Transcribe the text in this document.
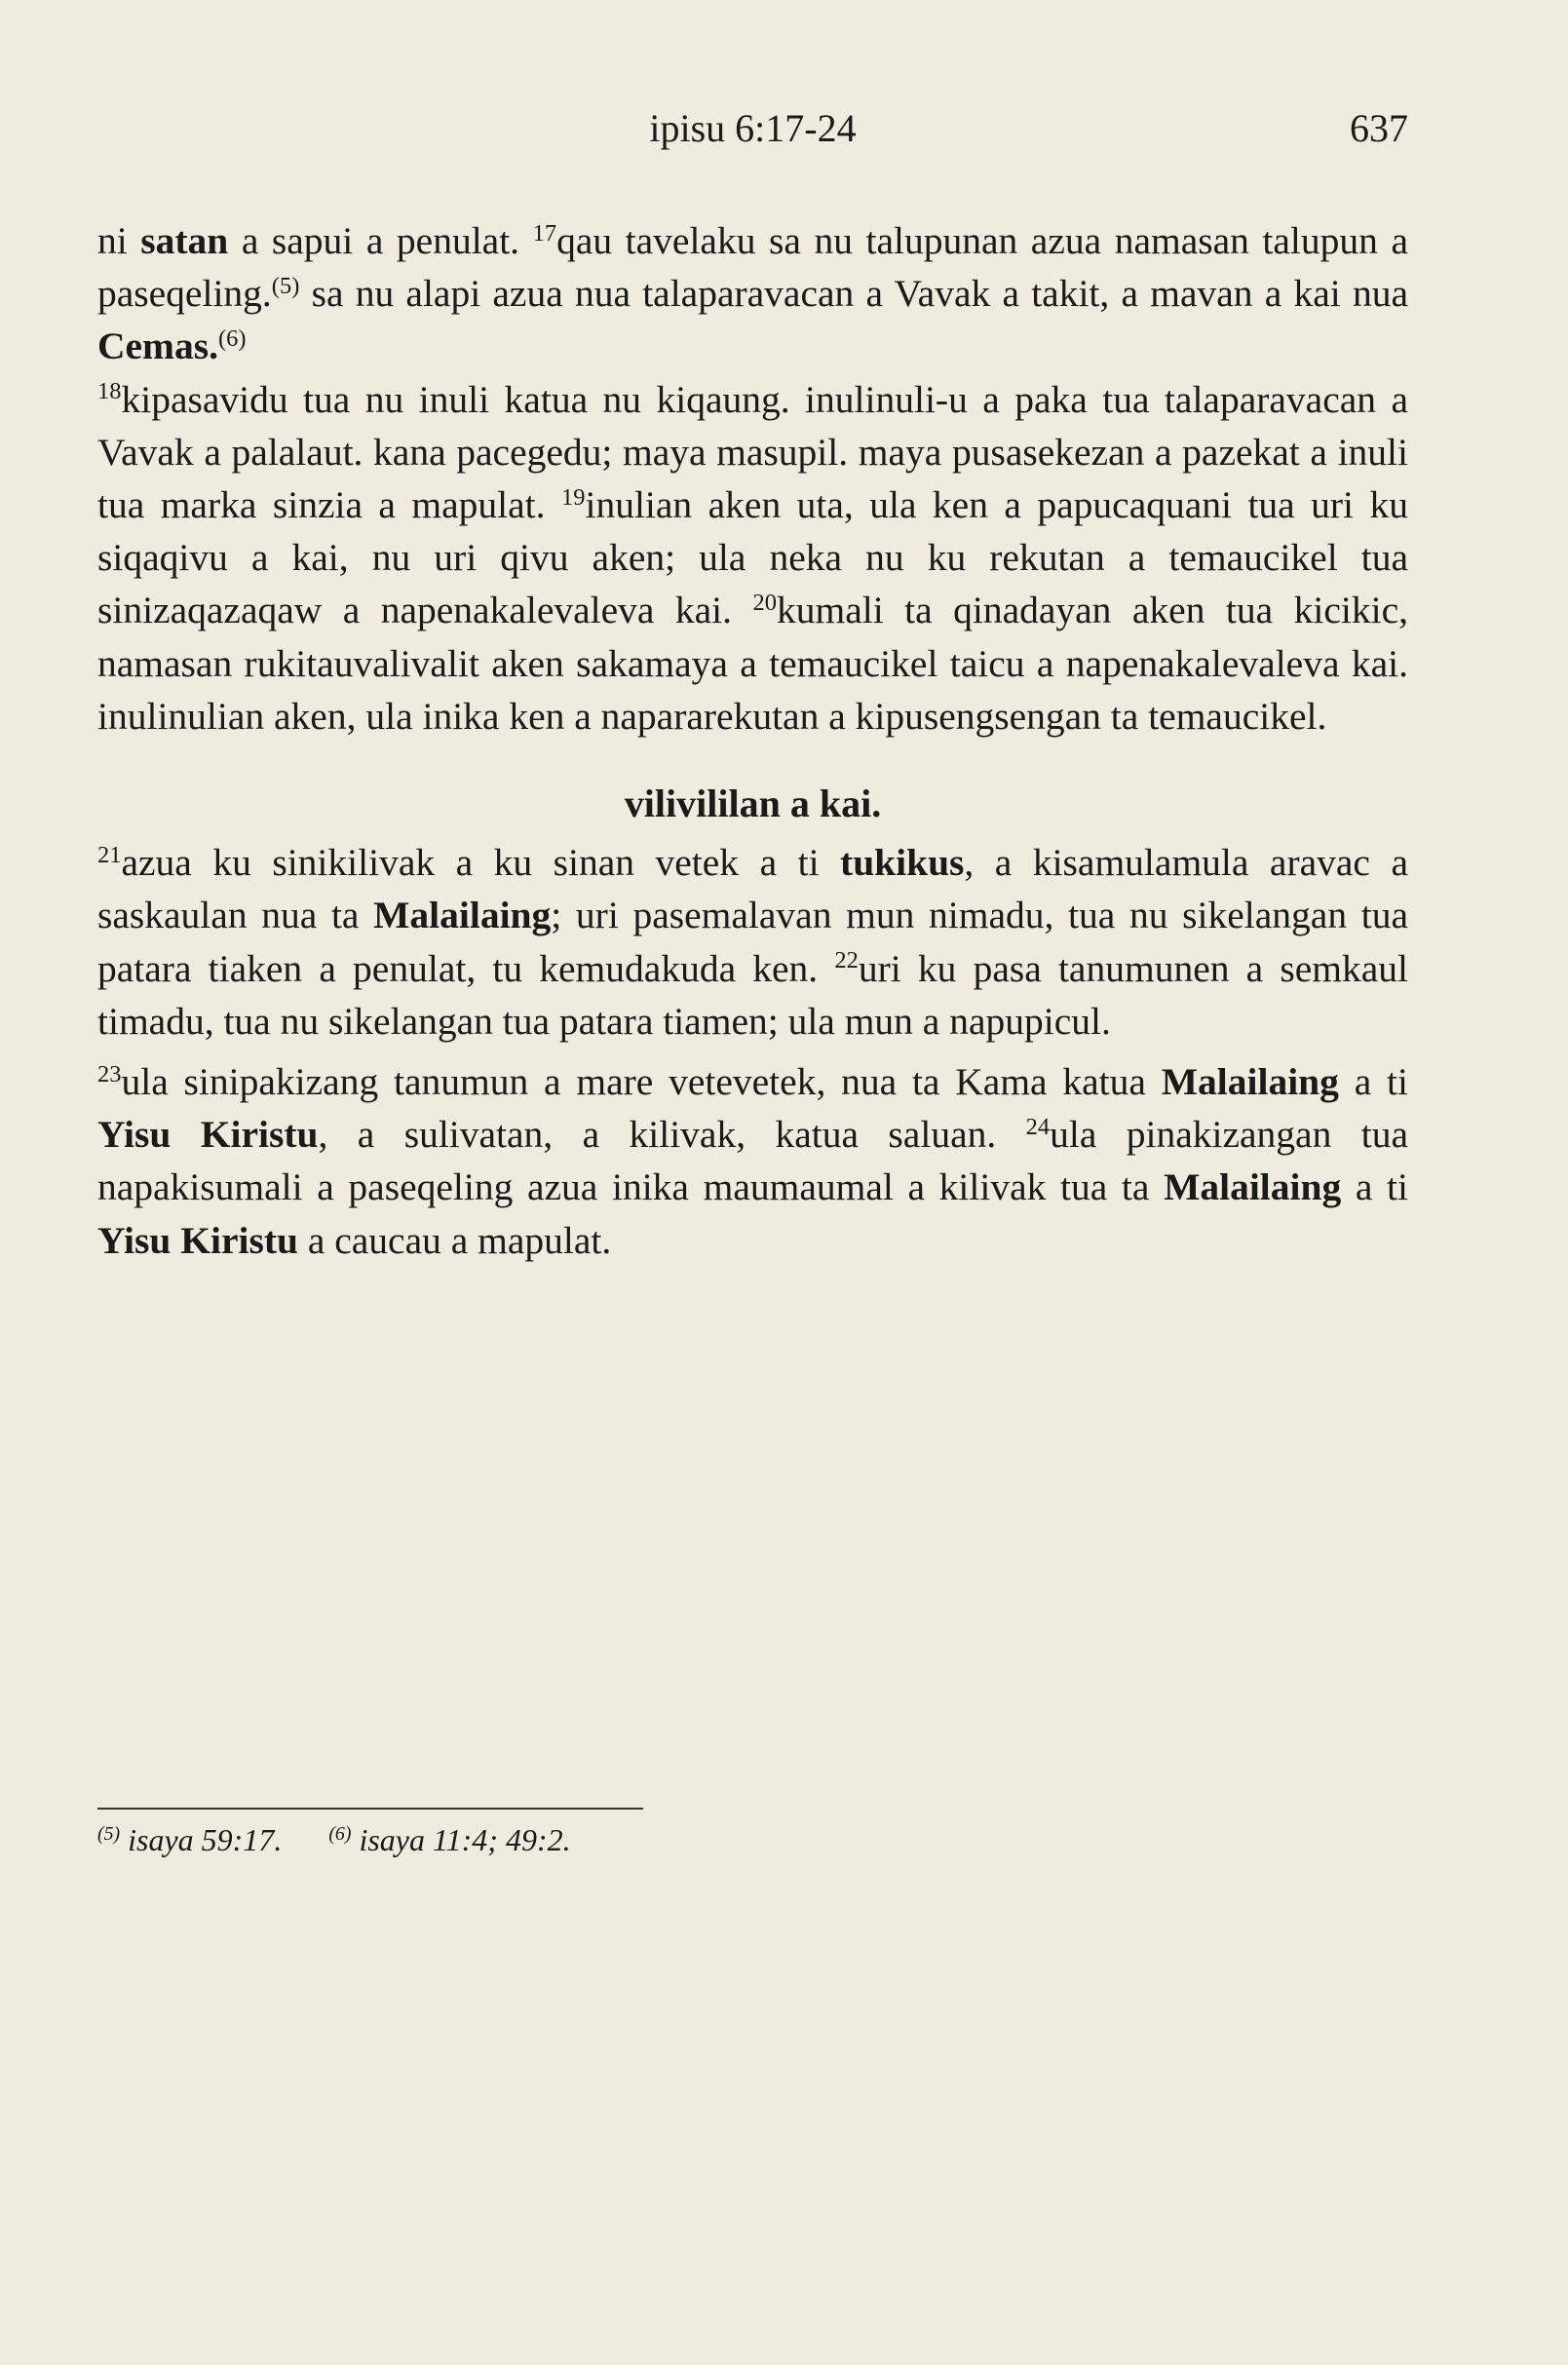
ipisu 6:17-24	637

ni satan a sapui a penulat. $^{17}$qau tavelaku sa nu talupunan azua namasan talupun a paseqeling.$^{(5)}$ sa nu alapi azua nua talaparavacan a Vavak a takit, a mavan a kai nua Cemas.$^{(6)}$

$^{18}$kipasavidu tua nu inuli katua nu kiqaung. inulinuli-u a paka tua talaparavacan a Vavak a palalaut. kana pacegedu; maya masupil. maya pusasekezan a pazekat a inuli tua marka sinzia a mapulat. $^{19}$inulian aken uta, ula ken a papucaquani tua uri ku siqaqivu a kai, nu uri qivu aken; ula neka nu ku rekutan a temaucikel tua sinizaqazaqaw a napenakalevaleva kai. $^{20}$kumali ta qinadayan aken tua kicikic, namasan rukitauvalivalit aken sakamaya a temaucikel taicu a napenakalevaleva kai. inulinulian aken, ula inika ken a napararekutan a kipusengsengan ta temaucikel.

vilivililan a kai.

$^{21}$azua ku sinikilivak a ku sinan vetek a ti tukikus, a kisamulamula aravac a saskaulan nua ta Malailaing; uri pasemalavan mun nimadu, tua nu sikelangan tua patara tiaken a penulat, tu kemudakuda ken. $^{22}$uri ku pasa tanumunen a semkaul timadu, tua nu sikelangan tua patara tiamen; ula mun a napupicul.

$^{23}$ula sinipakizang tanumun a mare vetevetek, nua ta Kama katua Malailaing a ti Yisu Kiristu, a sulivatan, a kilivak, katua saluan. $^{24}$ula pinakizangan tua napakisumali a paseqeling azua inika maumaumal a kilivak tua ta Malailaing a ti Yisu Kiristu a caucau a mapulat.

$^{(5)}$ isaya 59:17. $^{(6)}$ isaya 11:4; 49:2.
